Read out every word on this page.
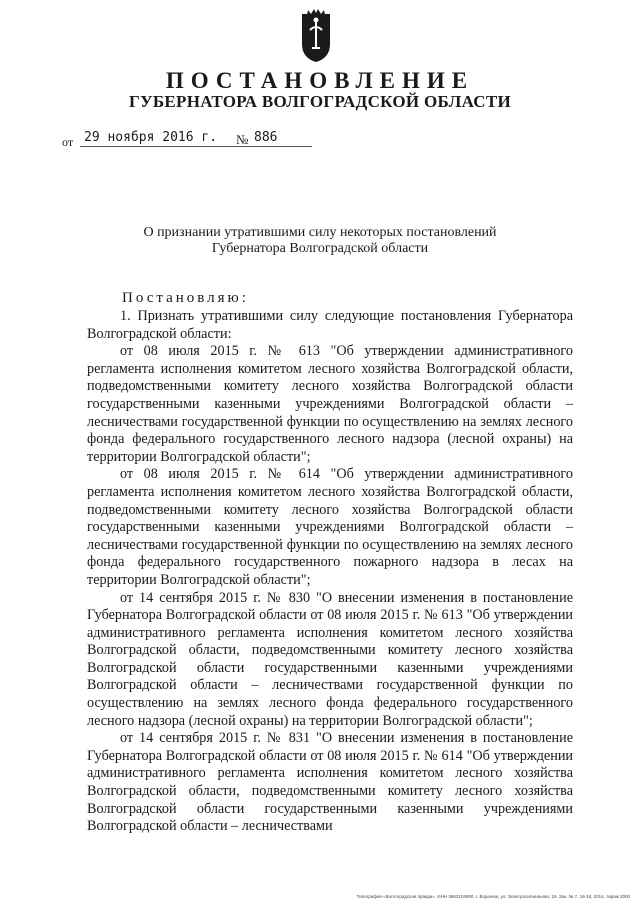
ПОСТАНОВЛЕНИЕ
ГУБЕРНАТОРА ВОЛГОГРАДСКОЙ ОБЛАСТИ
от 29 ноября 2016 г.	№ 886
О признании утратившими силу некоторых постановлений
Губернатора Волгоградской области
Постановляю:

1. Признать утратившими силу следующие постановления Губернатора Волгоградской области:

от 08 июля 2015 г. № 613 "Об утверждении административного регламента исполнения комитетом лесного хозяйства Волгоградской области, подведомственными комитету лесного хозяйства Волгоградской области государственными казенными учреждениями Волгоградской области – лесничествами государственной функции по осуществлению на землях лесного фонда федерального государственного лесного надзора (лесной охраны) на территории Волгоградской области";

от 08 июля 2015 г. № 614 "Об утверждении административного регламента исполнения комитетом лесного хозяйства Волгоградской области, подведомственными комитету лесного хозяйства Волгоградской области государственными казенными учреждениями Волгоградской области – лесничествами государственной функции по осуществлению на землях лесного фонда федерального государственного пожарного надзора в лесах на территории Волгоградской области";

от 14 сентября 2015 г. № 830 "О внесении изменения в постановление Губернатора Волгоградской области от 08 июля 2015 г. № 613 "Об утверждении административного регламента исполнения комитетом лесного хозяйства Волгоградской области, подведомственными комитету лесного хозяйства Волгоградской области государственными казенными учреждениями Волгоградской области – лесничествами государственной функции по осуществлению на землях лесного фонда федерального государственного лесного надзора (лесной охраны) на территории Волгоградской области";

от 14 сентября 2015 г. № 831 "О внесении изменения в постановление Губернатора Волгоградской области от 08 июля 2015 г. № 614 "Об утверждении административного регламента исполнения комитетом лесного хозяйства Волгоградской области, подведомственными комитету лесного хозяйства Волгоградской области государственными казенными учреждениями Волгоградской области – лесничествами

Типография «Волгоградская правда». ИНН 3662104990. г. Воронеж, ул. Электросигнальная, 19. Зак. № 7. 16-18, 2014, тираж 2000
